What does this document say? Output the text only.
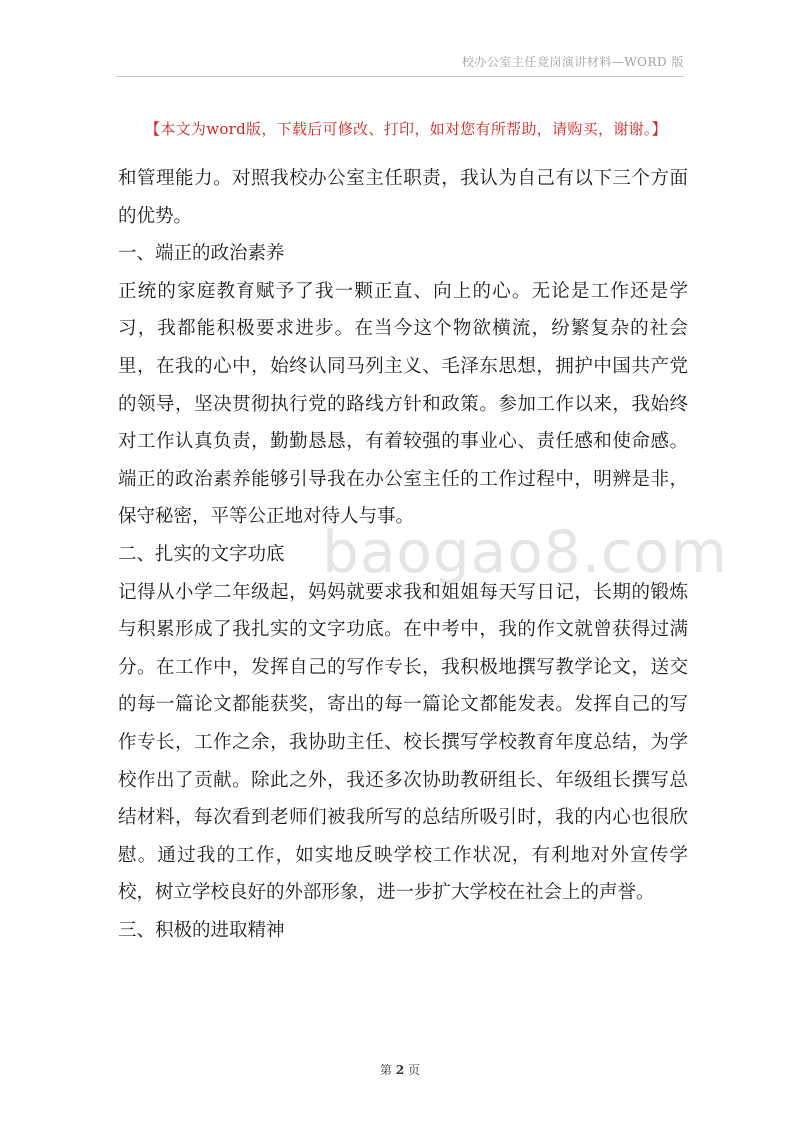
校办公室主任竟岗演讲材料—WORD 版
【本文为word版，下载后可修改、打印，如对您有所帮助，请购买，谢谢。】

和管理能力。对照我校办公室主任职责，我认为自己有以下三个方面的优势。

一、端正的政治素养

正统的家庭教育赋予了我一颗正直、向上的心。无论是工作还是学习，我都能积极要求进步。在当今这个物欲横流，纷繁复杂的社会里，在我的心中，始终认同马列主义、毛泽东思想，拥护中国共产党的领导，坚决贯彻执行党的路线方针和政策。参加工作以来，我始终对工作认真负责，勤勤恳恳，有着较强的事业心、责任感和使命感。端正的政治素养能够引导我在办公室主任的工作过程中，明辨是非，保守秘密，平等公正地对待人与事。

二、扎实的文字功底

记得从小学二年级起，妈妈就要求我和姐姐每天写日记，长期的锻炼与积累形成了我扎实的文字功底。在中考中，我的作文就曾获得过满分。在工作中，发挥自己的写作专长，我积极地撰写教学论文，送交的每一篇论文都能获奖，寄出的每一篇论文都能发表。发挥自己的写作专长，工作之余，我协助主任、校长撰写学校教育年度总结，为学校作出了贡献。除此之外，我还多次协助教研组长、年级组长撰写总结材料，每次看到老师们被我所写的总结所吸引时，我的内心也很欣慰。通过我的工作，如实地反映学校工作状况，有利地对外宣传学校，树立学校良好的外部形象，进一步扩大学校在社会上的声誉。

三、积极的进取精神

baogao8.com
第 2 页
